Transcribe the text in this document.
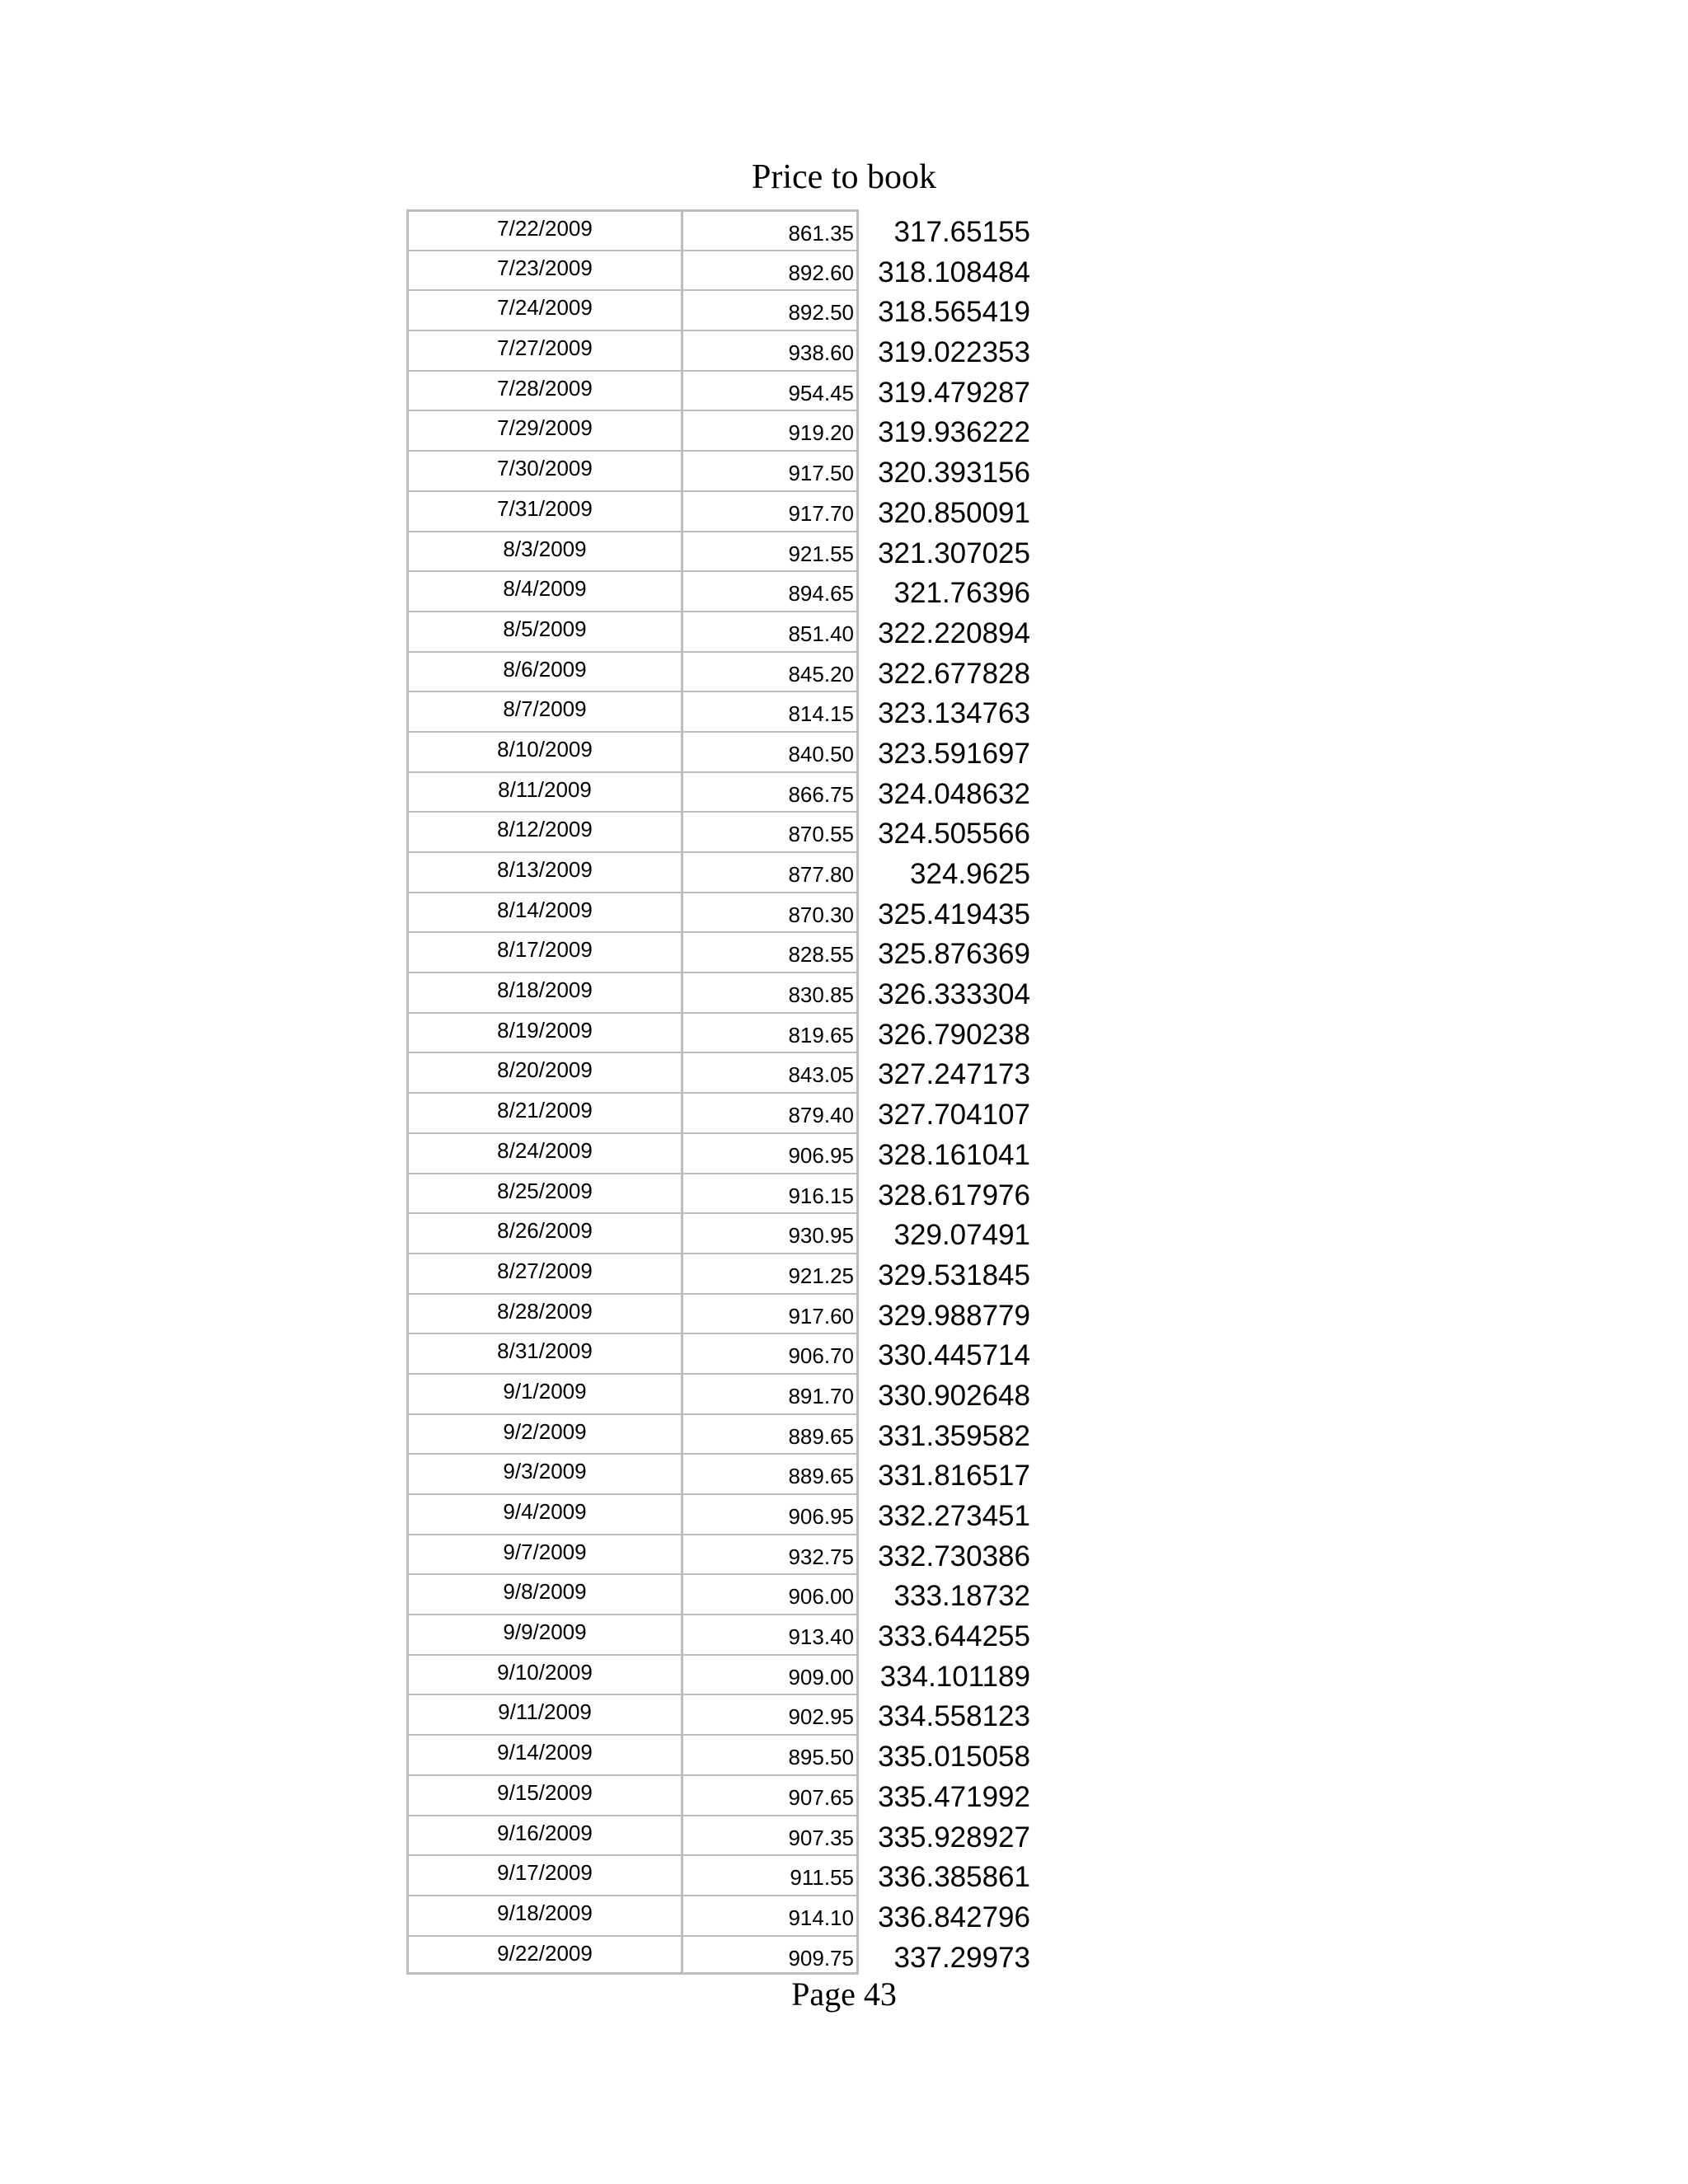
Price to book
7/22/2009	861.35	317.65155
7/23/2009	892.60 318.108484
7/24/2009	892.50 318.565419
7/27/2009	938.60 319.022353
7/28/2009	954.45 319.479287
7/29/2009	919.20 319.936222
7/30/2009	917.50 320.393156
7/31/2009	917.70 320.850091
8/3/2009	921.55 321.307025
8/4/2009	894.65	321.76396
8/5/2009	851.40 322.220894
8/6/2009	845.20 322.677828
8/7/2009	814.15 323.134763
8/10/2009	840.50 323.591697
8/11/2009	866.75 324.048632
8/12/2009	870.55 324.505566
8/13/2009	877.80	324.9625
8/14/2009	870.30 325.419435
8/17/2009	828.55 325.876369
8/18/2009	830.85 326.333304
8/19/2009	819.65 326.790238
8/20/2009	843.05 327.247173
8/21/2009	879.40 327.704107
8/24/2009	906.95 328.161041
8/25/2009	916.15 328.617976
8/26/2009	930.95	329.07491
8/27/2009	921.25 329.531845
8/28/2009	917.60 329.988779
8/31/2009	906.70 330.445714
9/1/2009	891.70 330.902648
9/2/2009	889.65 331.359582
9/3/2009	889.65 331.816517
9/4/2009	906.95 332.273451
9/7/2009	932.75 332.730386
9/8/2009	906.00	333.18732
9/9/2009	913.40 333.644255
9/10/2009	909.00 334.101189
9/11/2009	902.95 334.558123
9/14/2009	895.50 335.015058
9/15/2009	907.65 335.471992
9/16/2009	907.35 335.928927
9/17/2009	911.55 336.385861
9/18/2009	914.10 336.842796
9/22/2009	909.75	337.29973
Page 43
